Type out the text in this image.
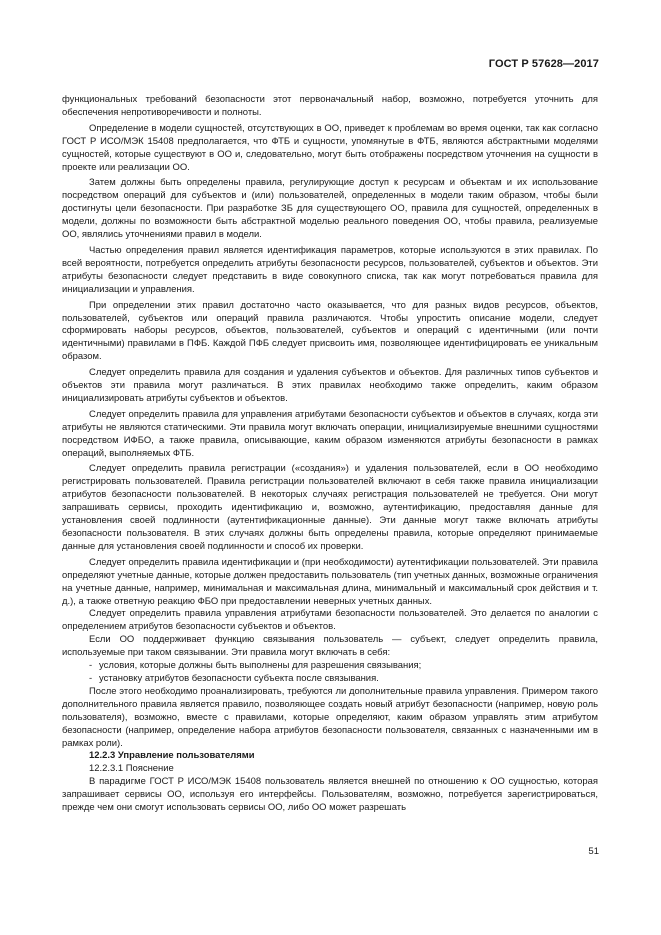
ГОСТ Р 57628—2017

функциональных требований безопасности этот первоначальный набор, возможно, потребуется уточнить для обеспечения непротиворечивости и полноты.

Определение в модели сущностей, отсутствующих в ОО, приведет к проблемам во время оценки, так как согласно ГОСТ Р ИСО/МЭК 15408 предполагается, что ФТБ и сущности, упомянутые в ФТБ, являются абстрактными моделями сущностей, которые существуют в ОО и, следовательно, могут быть отображены посредством уточнения на сущности в проекте или реализации ОО.

Затем должны быть определены правила, регулирующие доступ к ресурсам и объектам и их использование посредством операций для субъектов и (или) пользователей, определенных в модели таким образом, чтобы были достигнуты цели безопасности. При разработке ЗБ для существующего ОО, правила для сущностей, определенных в модели, должны по возможности быть абстрактной моделью реального поведения ОО, чтобы правила, реализуемые ОО, являлись уточнениями правил в модели.

Частью определения правил является идентификация параметров, которые используются в этих правилах. По всей вероятности, потребуется определить атрибуты безопасности ресурсов, пользователей, субъектов и объектов. Эти атрибуты безопасности следует представить в виде совокупного списка, так как могут потребоваться правила для инициализации и управления.

При определении этих правил достаточно часто оказывается, что для разных видов ресурсов, объектов, пользователей, субъектов или операций правила различаются. Чтобы упростить описание модели, следует сформировать наборы ресурсов, объектов, пользователей, субъектов и операций с идентичными (или почти идентичными) правилами в ПФБ. Каждой ПФБ следует присвоить имя, позволяющее идентифицировать ее уникальным образом.

Следует определить правила для создания и удаления субъектов и объектов. Для различных типов субъектов и объектов эти правила могут различаться. В этих правилах необходимо также определить, каким образом инициализировать атрибуты субъектов и объектов.

Следует определить правила для управления атрибутами безопасности субъектов и объектов в случаях, когда эти атрибуты не являются статическими. Эти правила могут включать операции, инициализируемые внешними сущностями посредством ИФБО, а также правила, описывающие, каким образом изменяются атрибуты безопасности в рамках операций, выполняемых ФТБ.

Следует определить правила регистрации («создания») и удаления пользователей, если в ОО необходимо регистрировать пользователей. Правила регистрации пользователей включают в себя также правила инициализации атрибутов безопасности пользователей. В некоторых случаях регистрация пользователей не требуется. Они могут запрашивать сервисы, проходить идентификацию и, возможно, аутентификацию, предоставляя данные для установления своей подлинности (аутентификационные данные). Эти данные могут также включать атрибуты безопасности пользователя. В этих случаях должны быть определены правила, которые определяют принимаемые данные для установления своей подлинности и способ их проверки.

Следует определить правила идентификации и (при необходимости) аутентификации пользователей. Эти правила определяют учетные данные, которые должен предоставить пользователь (тип учетных данных, возможные ограничения на учетные данные, например, минимальная и максимальная длина, минимальный и максимальный срок действия и т. д.), а также ответную реакцию ФБО при предоставлении неверных учетных данных.

Следует определить правила управления атрибутами безопасности пользователей. Это делается по аналогии с определением атрибутов безопасности субъектов и объектов.

Если ОО поддерживает функцию связывания пользователь — субъект, следует определить правила, используемые при таком связывании. Эти правила могут включать в себя:

- условия, которые должны быть выполнены для разрешения связывания;
- установку атрибутов безопасности субъекта после связывания.

После этого необходимо проанализировать, требуются ли дополнительные правила управления. Примером такого дополнительного правила является правило, позволяющее создать новый атрибут безопасности (например, новую роль пользователя), возможно, вместе с правилами, которые определяют, каким образом управлять этим атрибутом безопасности (например, определение набора атрибутов безопасности пользователя, связанных с назначенными им в рамках роли).

12.2.3 Управление пользователями

12.2.3.1 Пояснение

В парадигме ГОСТ Р ИСО/МЭК 15408 пользователь является внешней по отношению к ОО сущностью, которая запрашивает сервисы ОО, используя его интерфейсы. Пользователям, возможно, потребуется зарегистрироваться, прежде чем они смогут использовать сервисы ОО, либо ОО может разрешать

51
